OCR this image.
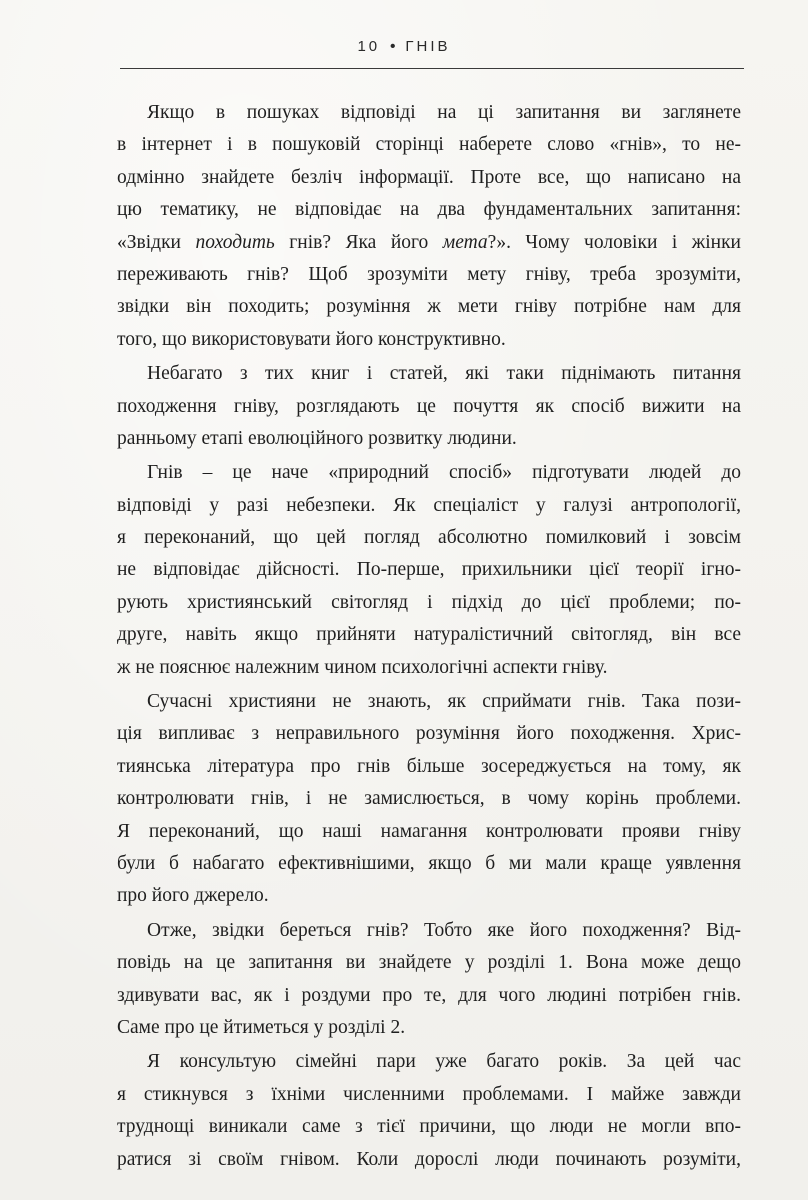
10 • ГНІВ
Якщо в пошуках відповіді на ці запитання ви заглянете
в інтернет і в пошуковій сторінці наберете слово «гнів», то не-
одмінно знайдете безліч інформації. Проте все, що написано на
цю тематику, не відповідає на два фундаментальних запитання:
«Звідки походить гнів? Яка його мета?». Чому чоловіки і жінки
переживають гнів? Щоб зрозуміти мету гніву, треба зрозуміти,
звідки він походить; розуміння ж мети гніву потрібне нам для
того, що використовувати його конструктивно.
Небагато з тих книг і статей, які таки піднімають питання
походження гніву, розглядають це почуття як спосіб вижити на
ранньому етапі еволюційного розвитку людини.
Гнів – це наче «природний спосіб» підготувати людей до
відповіді у разі небезпеки. Як спеціаліст у галузі антропології,
я переконаний, що цей погляд абсолютно помилковий і зовсім
не відповідає дійсності. По-перше, прихильники цієї теорії ігно-
рують християнський світогляд і підхід до цієї проблеми; по-
друге, навіть якщо прийняти натуралістичний світогляд, він все
ж не пояснює належним чином психологічні аспекти гніву.
Сучасні християни не знають, як сприймати гнів. Така пози-
ція випливає з неправильного розуміння його походження. Хрис-
тиянська література про гнів більше зосереджується на тому, як
контролювати гнів, і не замислюється, в чому корінь проблеми.
Я переконаний, що наші намагання контролювати прояви гніву
були б набагато ефективнішими, якщо б ми мали краще уявлення
про його джерело.
Отже, звідки береться гнів? Тобто яке його походження? Від-
повідь на це запитання ви знайдете у розділі 1. Вона може дещо
здивувати вас, як і роздуми про те, для чого людині потрібен гнів.
Саме про це йтиметься у розділі 2.
Я консультую сімейні пари уже багато років. За цей час
я стикнувся з їхніми численними проблемами. І майже завжди
труднощі виникали саме з тієї причини, що люди не могли впо-
ратися зі своїм гнівом. Коли дорослі люди починають розуміти,
